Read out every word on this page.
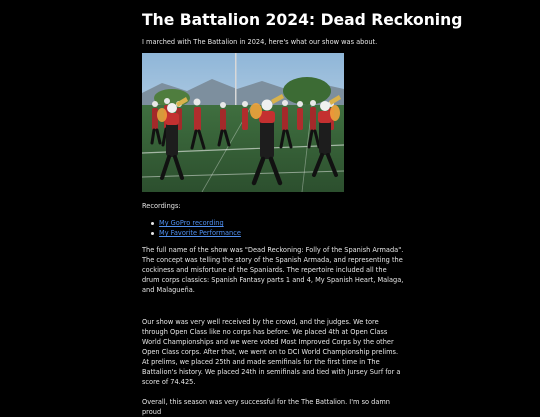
The Battalion 2024: Dead Reckoning
I marched with The Battalion in 2024, here's what our show was about.
Recordings:
My GoPro recording
My Favorite Performance

The full name of the show was "Dead Reckoning: Folly of the Spanish Armada". The concept was telling the story of the Spanish Armada, and representing the cockiness and misfortune of the Spaniards. The repertoire included all the drum corps classics: Spanish Fantasy parts 1 and 4, My Spanish Heart, Malaga, and Malagueña.

Our show was very well received by the crowd, and the judges. We tore through Open Class like no corps has before. We placed 4th at Open Class World Championships and we were voted Most Improved Corps by the other Open Class corps. After that, we went on to DCI World Championship prelims. At prelims, we placed 25th and made semifinals for the first time in The Battalion's history. We placed 24th in semifinals and tied with Jursey Surf for a score of 74.425.

Overall, this season was very successful for the The Battalion. I'm so damn proud
